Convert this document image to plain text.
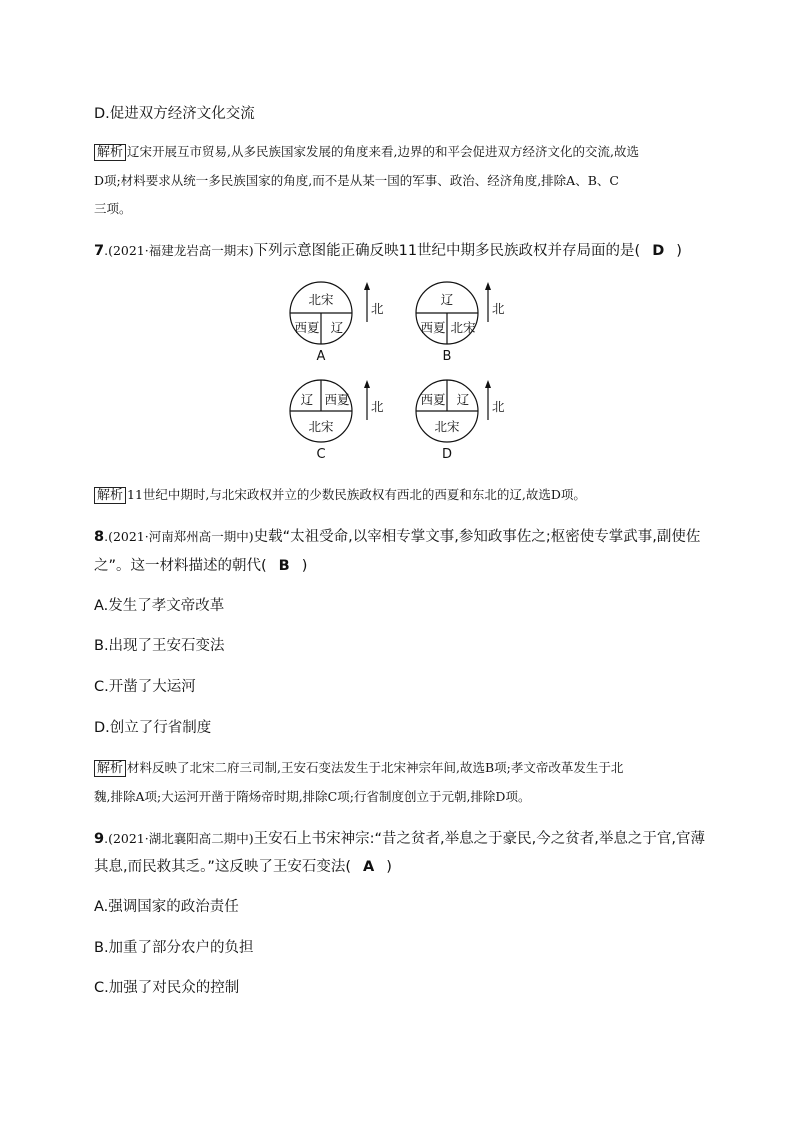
D.促进双方经济文化交流
解析 辽宋开展互市贸易,从多民族国家发展的角度来看,边界的和平会促进双方经济文化的交流,故选
D项;材料要求从统一多民族国家的角度,而不是从某一国的军事、政治、经济角度,排除A、B、C
三项。
7.(2021·福建龙岩高一期末)下列示意图能正确反映11世纪中期多民族政权并存局面的是( D )
北宋
西夏 辽
北
A
辽
西夏 北宋
北
B
辽 西夏
北宋
北
C
西夏 辽
北宋
北
D
解析 11世纪中期时,与北宋政权并立的少数民族政权有西北的西夏和东北的辽,故选D项。
8.(2021·河南郑州高一期中)史载“太祖受命,以宰相专掌文事,参知政事佐之;枢密使专掌武事,副使佐
之”。这一材料描述的朝代( B )
A.发生了孝文帝改革
B.出现了王安石变法
C.开凿了大运河
D.创立了行省制度
解析 材料反映了北宋二府三司制,王安石变法发生于北宋神宗年间,故选B项;孝文帝改革发生于北
魏,排除A项;大运河开凿于隋炀帝时期,排除C项;行省制度创立于元朝,排除D项。
9.(2021·湖北襄阳高二期中)王安石上书宋神宗:“昔之贫者,举息之于豪民,今之贫者,举息之于官,官薄
其息,而民救其乏。”这反映了王安石变法( A )
A.强调国家的政治责任
B.加重了部分农户的负担
C.加强了对民众的控制
